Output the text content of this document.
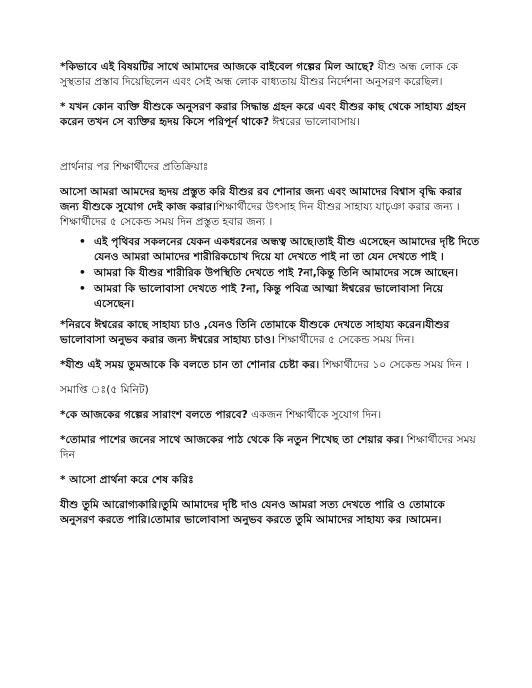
*কিভাবে এই বিষয়টির সাথে আমাদের আজকে বাইবেল গল্পের মিল আছে? যীশু অন্ধ লোক কে সুস্থতার প্রস্তাব দিয়েছিলেন এবং সেই অন্ধ লোক বাধ্যতায় যীশুর নির্দেশনা অনুসরণ করেছিল।

* যখন কোন ব্যক্তি যীশুকে অনুসরণ করার সিদ্ধান্ত গ্রহন করে এবং যীশুর কাছ থেকে সাহায্য গ্রহন করেন তখন সে ব্যক্তির হৃদয় কিসে পরিপূর্ন থাকে? ঈশ্বরের ভালোবাসায়।

প্রার্থনার পর শিক্ষার্থীদের প্রতিক্রিয়াঃ

আসো আমরা আমদের হৃদয় প্রস্তুত করি যীশুর রব শোনার জন্য এবং আমাদের বিশ্বাস বৃদ্ধি করার জন্য যীশুকে সুযোগ দেই কাজ করার।শিক্ষার্থীদের উৎসাহ দিন যীশুর সাহায্য যাচ্‌ঞা করার জন্য । শিক্ষার্থীদের ৫ সেকেন্ড সময় দিন প্রস্তুত হবার জন্য ।

• এই পৃথিবর সকলনের যেকন একধরনের অন্ধত্ব আছে।তাই যীশু এসেছেন আমাদের দৃষ্টি দিতে যেনও আমরা আমাদের শারীরিকচোখ দিয়ে যা দেখতে পাই না তা যেন দেখতে পাই ।
• আমরা কি যীশুর শারীরিক উপস্থিতি দেখতে পাই ?না,কিন্তু তিনি আমাদের সঙ্গে আছেন।
• আমরা কি ভালোবাসা দেখতে পাই ?না, কিন্তু পবিত্র আত্মা ঈশ্বরের ভালোবাসা নিয়ে এসেছেন।

*নিরবে ঈশ্বরের কাছে সাহায্য চাও ,যেনও তিনি তোমাকে যীশুকে দেখতে সাহায্য করেন।যীশুর ভালোবাসা অনুভব করার জন্য ঈশ্বরের সাহায্য চাও। শিক্ষার্থীদের ৫ সেকেন্ড সময় দিন।

*যীশু এই সময় তুমআকে কি বলতে চান তা শোনার চেষ্টা কর। শিক্ষার্থীদের ১০ সেকেন্ড সময় দিন ।

সমাপ্তি ঃ(৫ মিনিট)

*কে আজকের গল্পের সারাংশ বলতে পারবে? একজন শিক্ষার্থীকে সুযোগ দিন।

*তোমার পাশের জনের সাথে আজকের পাঠ থেকে কি নতুন শিখেছ তা শেয়ার কর। শিক্ষার্থীদের সময় দিন

* আসো প্রার্থনা করে শেষ করিঃ

যীশু তুমি আরোগ্যকারি।তুমি আমাদের দৃষ্টি দাও যেনও আমরা সত্য দেখতে পারি ও তোমাকে অনুসরণ করতে পারি।তোমার ভালোবাসা অনুভব করতে তুমি আমাদের সাহায্য কর ।আমেন।
